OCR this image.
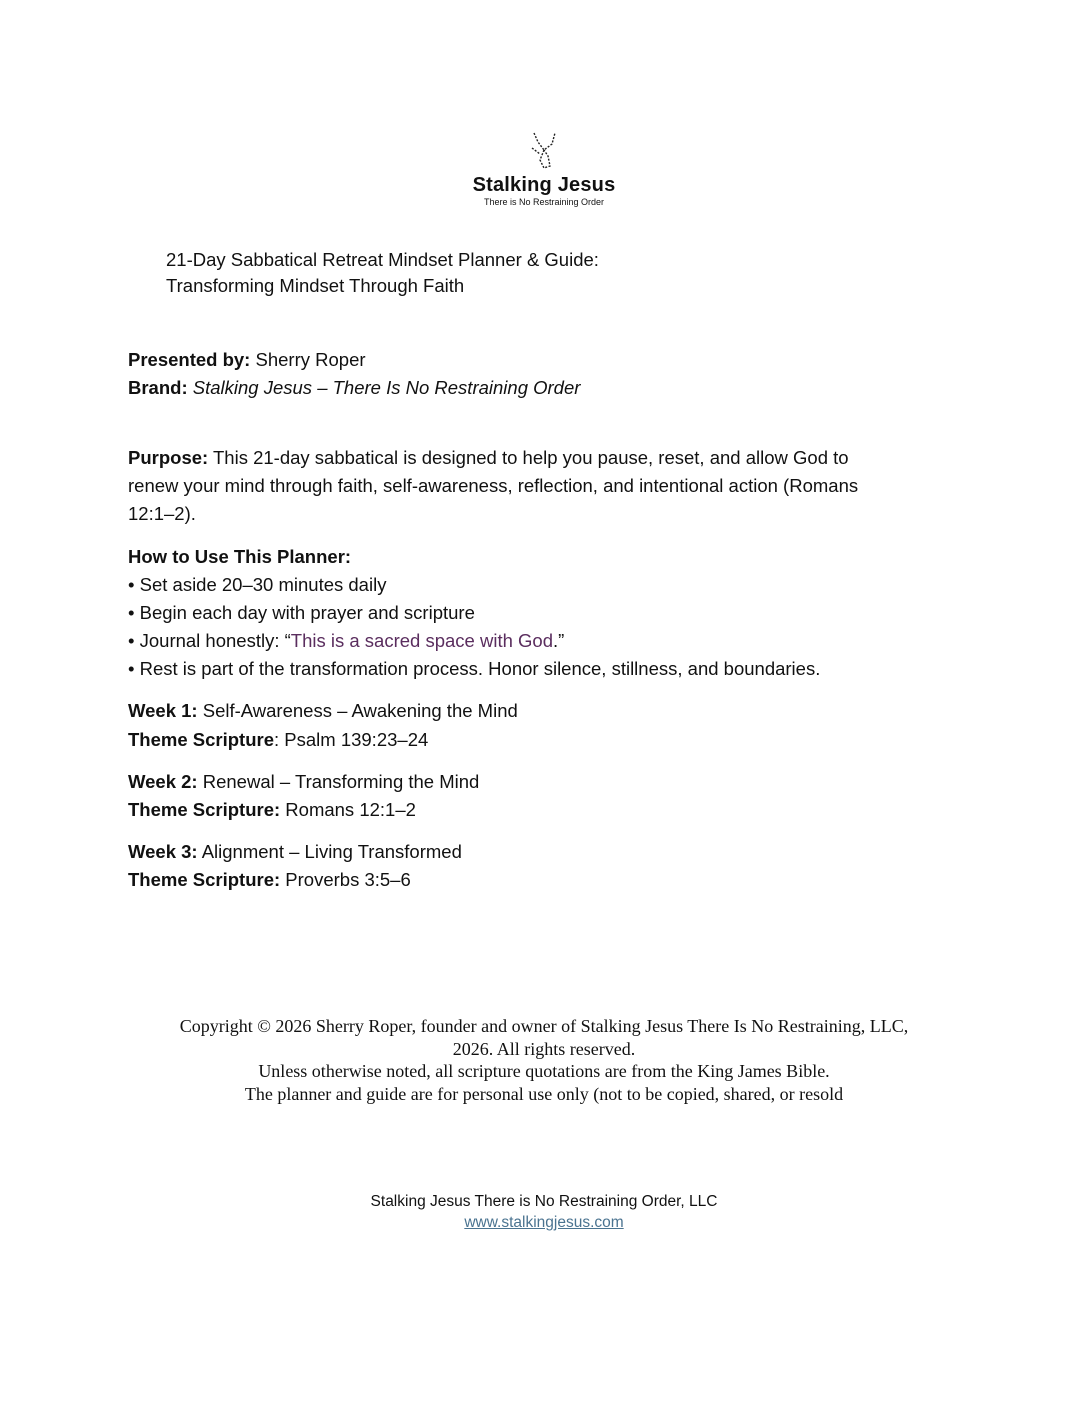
Stalking Jesus
There is No Restraining Order
21-Day Sabbatical Retreat Mindset Planner & Guide:
Transforming Mindset Through Faith
Presented by: Sherry Roper
Brand: Stalking Jesus – There Is No Restraining Order
Purpose: This 21-day sabbatical is designed to help you pause, reset, and allow God to
renew your mind through faith, self-awareness, reflection, and intentional action (Romans
12:1–2).
How to Use This Planner:
• Set aside 20–30 minutes daily
• Begin each day with prayer and scripture
• Journal honestly: “This is a sacred space with God.”
• Rest is part of the transformation process. Honor silence, stillness, and boundaries.
Week 1: Self-Awareness – Awakening the Mind
Theme Scripture: Psalm 139:23–24
Week 2: Renewal – Transforming the Mind
Theme Scripture: Romans 12:1–2
Week 3: Alignment – Living Transformed
Theme Scripture: Proverbs 3:5–6
Copyright © 2026 Sherry Roper, founder and owner of Stalking Jesus There Is No Restraining, LLC,
2026. All rights reserved.
Unless otherwise noted, all scripture quotations are from the King James Bible.
The planner and guide are for personal use only (not to be copied, shared, or resold
Stalking Jesus There is No Restraining Order, LLC
www.stalkingjesus.com
